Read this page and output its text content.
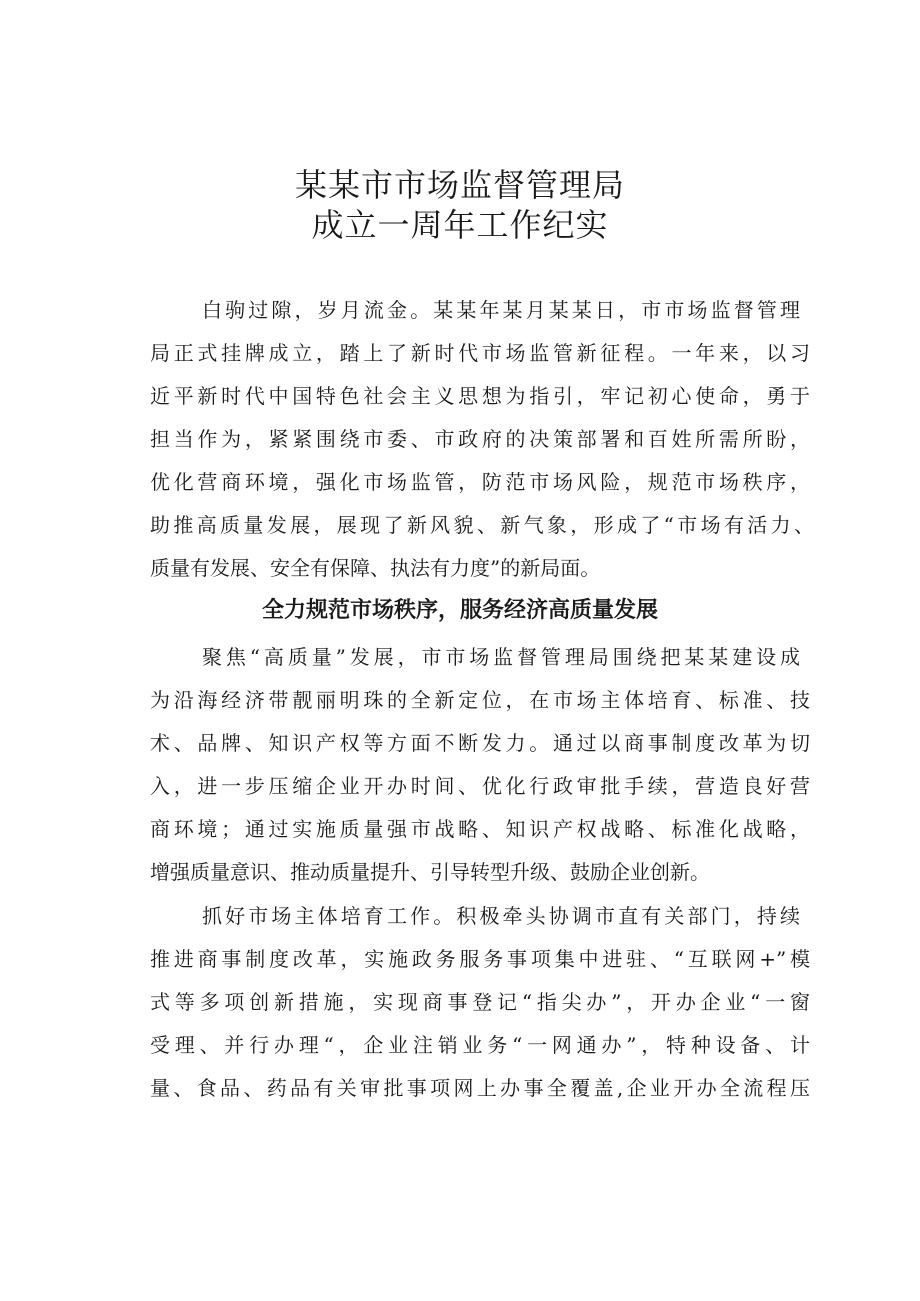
某某市市场监督管理局
成立一周年工作纪实
白驹过隙，岁月流金。某某年某月某某日，市市场监督管理
局正式挂牌成立，踏上了新时代市场监管新征程。一年来，以习
近平新时代中国特色社会主义思想为指引，牢记初心使命，勇于
担当作为，紧紧围绕市委、市政府的决策部署和百姓所需所盼，
优化营商环境，强化市场监管，防范市场风险，规范市场秩序，
助推高质量发展，展现了新风貌、新气象，形成了“市场有活力、
质量有发展、安全有保障、执法有力度”的新局面。
全力规范市场秩序，服务经济高质量发展
聚焦“高质量”发展，市市场监督管理局围绕把某某建设成
为沿海经济带靓丽明珠的全新定位，在市场主体培育、标准、技
术、品牌、知识产权等方面不断发力。通过以商事制度改革为切
入，进一步压缩企业开办时间、优化行政审批手续，营造良好营
商环境；通过实施质量强市战略、知识产权战略、标准化战略，
增强质量意识、推动质量提升、引导转型升级、鼓励企业创新。
抓好市场主体培育工作。积极牵头协调市直有关部门，持续
推进商事制度改革，实施政务服务事项集中进驻、“互联网+”模
式等多项创新措施，实现商事登记“指尖办”，开办企业“一窗
受理、并行办理“，企业注销业务“一网通办”，特种设备、计
量、食品、药品有关审批事项网上办事全覆盖,企业开办全流程压
